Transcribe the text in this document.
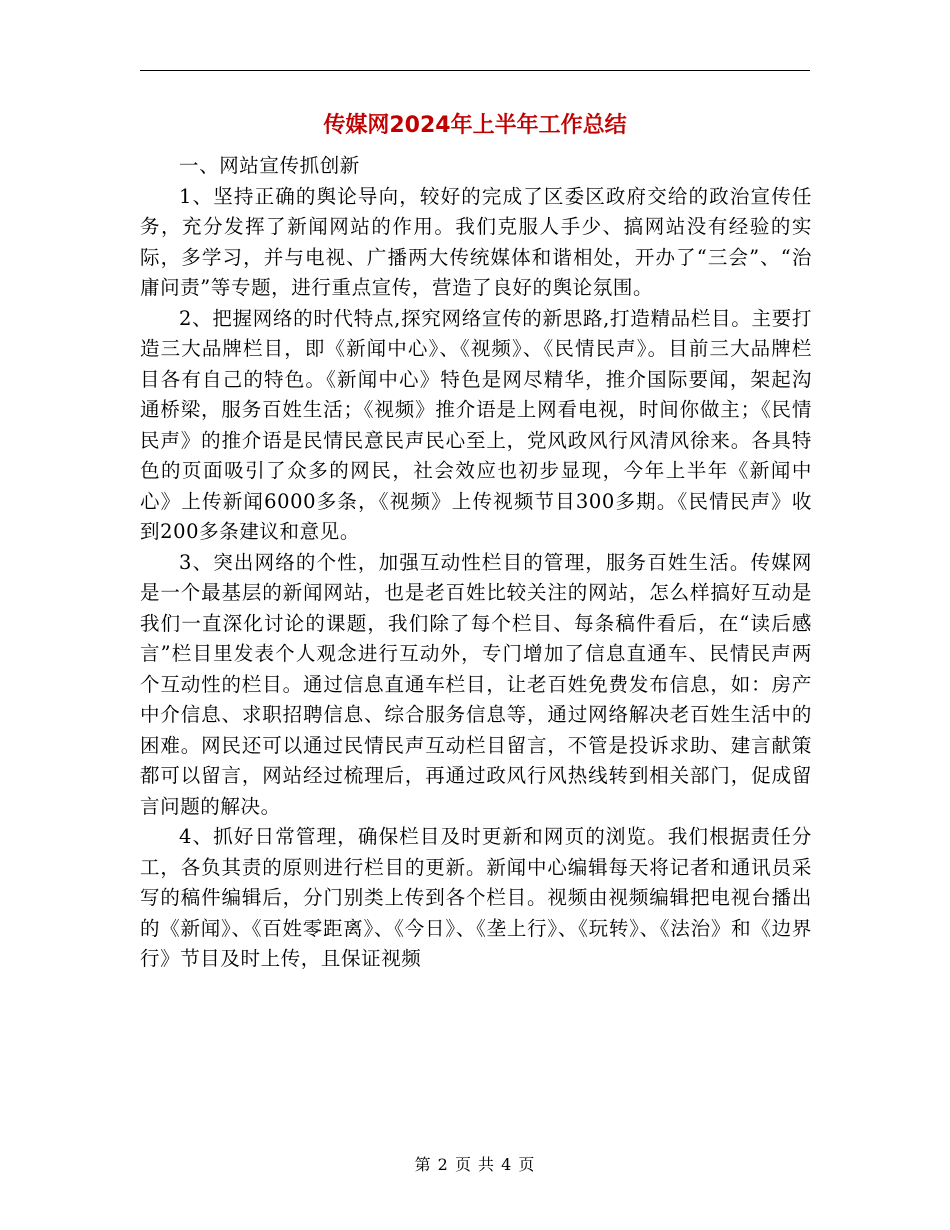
传媒网2024年上半年工作总结

一、网站宣传抓创新

1、坚持正确的舆论导向，较好的完成了区委区政府交给的政治宣传任务，充分发挥了新闻网站的作用。我们克服人手少、搞网站没有经验的实际，多学习，并与电视、广播两大传统媒体和谐相处，开办了“三会”、“治庸问责”等专题，进行重点宣传，营造了良好的舆论氛围。

2、把握网络的时代特点,探究网络宣传的新思路,打造精品栏目。主要打造三大品牌栏目，即《新闻中心》、《视频》、《民情民声》。目前三大品牌栏目各有自己的特色。《新闻中心》特色是网尽精华，推介国际要闻，架起沟通桥梁，服务百姓生活；《视频》推介语是上网看电视，时间你做主；《民情民声》的推介语是民情民意民声民心至上，党风政风行风清风徐来。各具特色的页面吸引了众多的网民，社会效应也初步显现，今年上半年《新闻中心》上传新闻6000多条，《视频》上传视频节目300多期。《民情民声》收到200多条建议和意见。

3、突出网络的个性，加强互动性栏目的管理，服务百姓生活。传媒网是一个最基层的新闻网站，也是老百姓比较关注的网站，怎么样搞好互动是我们一直深化讨论的课题，我们除了每个栏目、每条稿件看后，在“读后感言”栏目里发表个人观念进行互动外，专门增加了信息直通车、民情民声两个互动性的栏目。通过信息直通车栏目，让老百姓免费发布信息，如：房产中介信息、求职招聘信息、综合服务信息等，通过网络解决老百姓生活中的困难。网民还可以通过民情民声互动栏目留言，不管是投诉求助、建言献策都可以留言，网站经过梳理后，再通过政风行风热线转到相关部门，促成留言问题的解决。

4、抓好日常管理，确保栏目及时更新和网页的浏览。我们根据责任分工，各负其责的原则进行栏目的更新。新闻中心编辑每天将记者和通讯员采写的稿件编辑后，分门别类上传到各个栏目。视频由视频编辑把电视台播出的《新闻》、《百姓零距离》、《今日》、《垄上行》、《玩转》、《法治》和《边界行》节目及时上传，且保证视频

第 2 页 共 4 页
